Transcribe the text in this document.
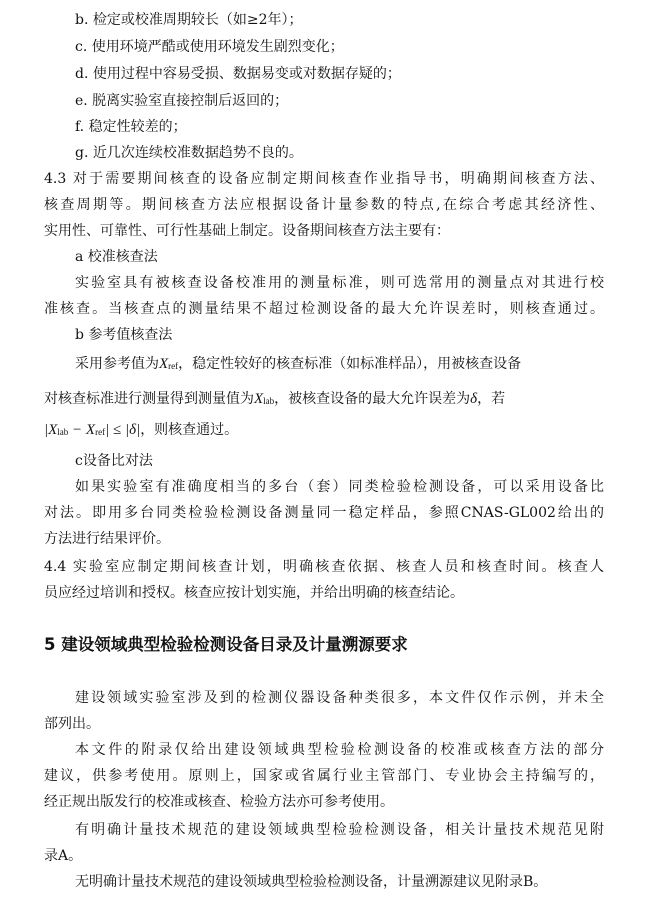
b. 检定或校准周期较长（如≥2年）；
c. 使用环境严酷或使用环境发生剧烈变化；
d. 使用过程中容易受损、数据易变或对数据存疑的；
e. 脱离实验室直接控制后返回的；
f. 稳定性较差的；
g. 近几次连续校准数据趋势不良的。
4.3 对于需要期间核查的设备应制定期间核查作业指导书，明确期间核查方法、
核查周期等。期间核查方法应根据设备计量参数的特点,在综合考虑其经济性、
实用性、可靠性、可行性基础上制定。设备期间核查方法主要有：
a 校准核查法
实验室具有被核查设备校准用的测量标准，则可选常用的测量点对其进行校
准核查。当核查点的测量结果不超过检测设备的最大允许误差时，则核查通过。
b 参考值核查法
采用参考值为Xref，稳定性较好的核查标准（如标准样品），用被核查设备
对核查标准进行测量得到测量值为Xlab，被核查设备的最大允许误差为δ，若
|Xlab − Xref| ≤ |δ|，则核查通过。
c设备比对法
如果实验室有准确度相当的多台（套）同类检验检测设备，可以采用设备比
对法。即用多台同类检验检测设备测量同一稳定样品，参照CNAS-GL002给出的
方法进行结果评价。
4.4 实验室应制定期间核查计划，明确核查依据、核查人员和核查时间。核查人
员应经过培训和授权。核查应按计划实施，并给出明确的核查结论。
5 建设领域典型检验检测设备目录及计量溯源要求
建设领域实验室涉及到的检测仪器设备种类很多，本文件仅作示例，并未全
部列出。
本文件的附录仅给出建设领域典型检验检测设备的校准或核查方法的部分
建议，供参考使用。原则上，国家或省属行业主管部门、专业协会主持编写的，
经正规出版发行的校准或核查、检验方法亦可参考使用。
有明确计量技术规范的建设领域典型检验检测设备，相关计量技术规范见附
录A。
无明确计量技术规范的建设领域典型检验检测设备，计量溯源建议见附录B。
